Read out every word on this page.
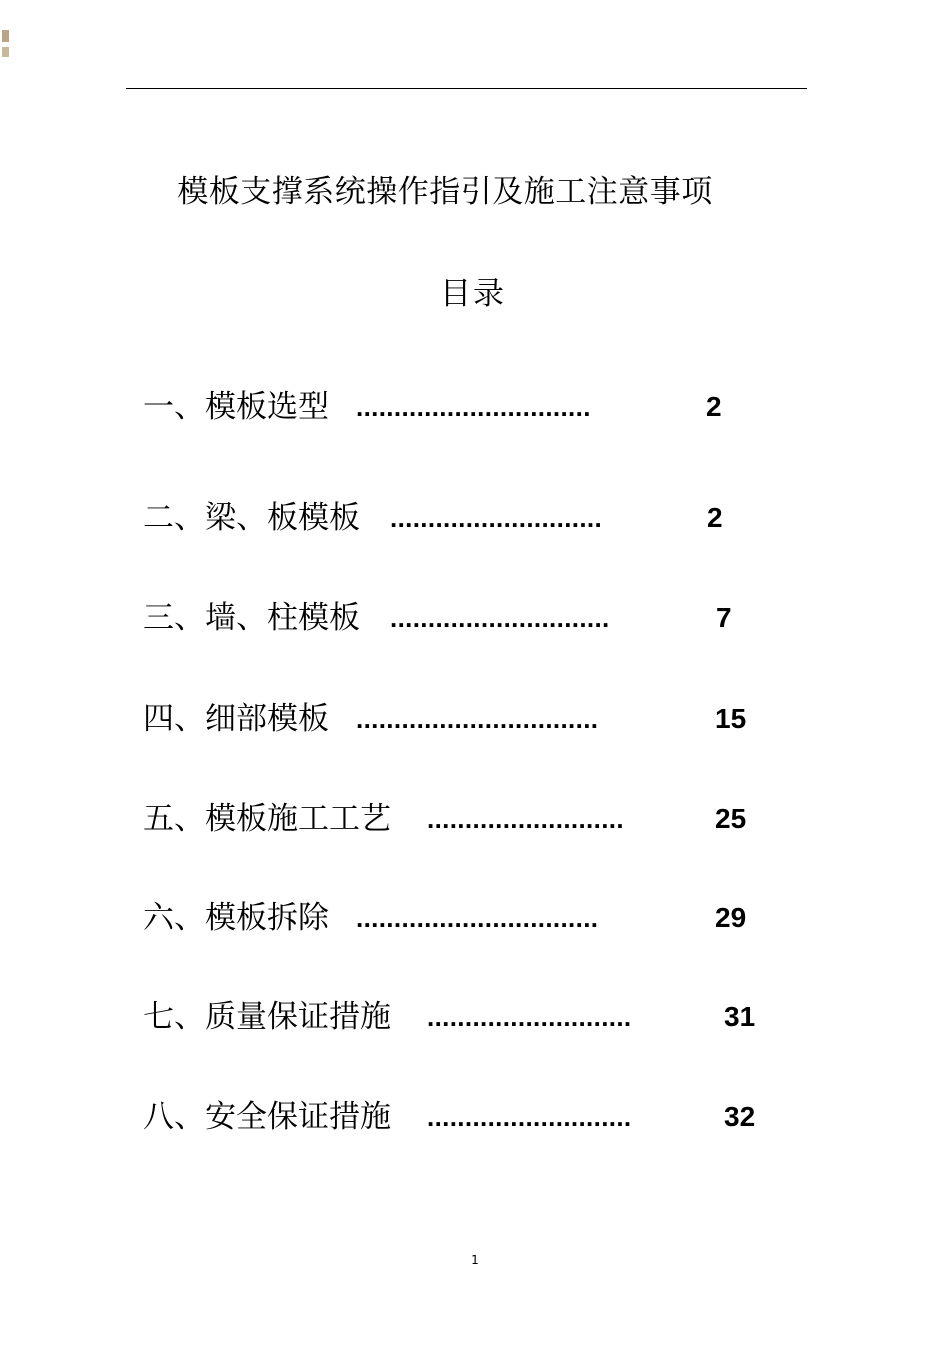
模板支撑系统操作指引及施工注意事项
目录
一、模板选型 ...............................	2
二、梁、板模板 ............................	2
三、墙、柱模板 .............................	7
四、细部模板 ................................	15
五、模板施工工艺 ..........................	25
六、模板拆除 ................................	29
七、质量保证措施 ...........................	31
八、安全保证措施 ...........................	32
1
